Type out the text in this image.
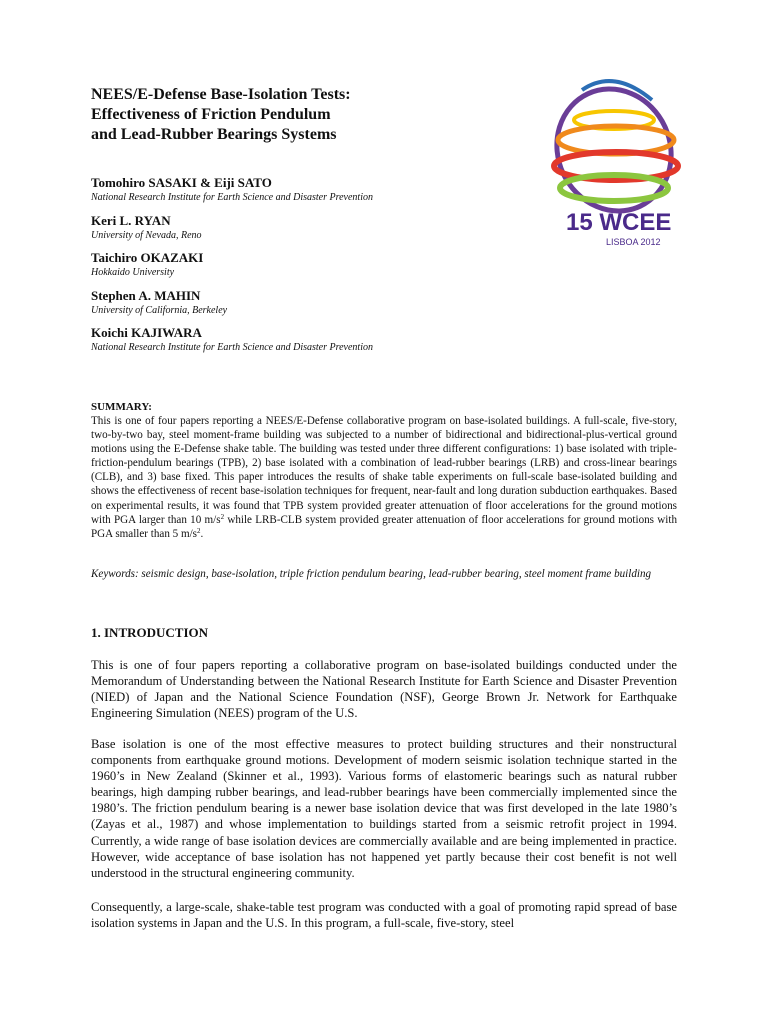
NEES/E-Defense Base-Isolation Tests:
Effectiveness of Friction Pendulum
and Lead-Rubber Bearings Systems
Tomohiro SASAKI & Eiji SATO
National Research Institute for Earth Science and Disaster Prevention
Keri L. RYAN
University of Nevada, Reno
Taichiro OKAZAKI
Hokkaido University
Stephen A. MAHIN
University of California, Berkeley
Koichi KAJIWARA
National Research Institute for Earth Science and Disaster Prevention
15 WCEE
LISBOA 2012
SUMMARY:

This is one of four papers reporting a NEES/E-Defense collaborative program on base-isolated buildings. A full-scale, five-story, two-by-two bay, steel moment-frame building was subjected to a number of bidirectional and bidirectional-plus-vertical ground motions using the E-Defense shake table. The building was tested under three different configurations: 1) base isolated with triple-friction-pendulum bearings (TPB), 2) base isolated with a combination of lead-rubber bearings (LRB) and cross-linear bearings (CLB), and 3) base fixed. This paper introduces the results of shake table experiments on full-scale base-isolated building and shows the effectiveness of recent base-isolation techniques for frequent, near-fault and long duration subduction earthquakes. Based on experimental results, it was found that TPB system provided greater attenuation of floor accelerations for the ground motions with PGA larger than 10 $m/s^2$ while LRB-CLB system provided greater attenuation of floor accelerations for ground motions with PGA smaller than 5 $m/s^2$.

Keywords: seismic design, base-isolation, triple friction pendulum bearing, lead-rubber bearing, steel moment frame building

1. INTRODUCTION

This is one of four papers reporting a collaborative program on base-isolated buildings conducted under the Memorandum of Understanding between the National Research Institute for Earth Science and Disaster Prevention (NIED) of Japan and the National Science Foundation (NSF), George Brown Jr. Network for Earthquake Engineering Simulation (NEES) program of the U.S.

Base isolation is one of the most effective measures to protect building structures and their nonstructural components from earthquake ground motions. Development of modern seismic isolation technique started in the 1960’s in New Zealand (Skinner et al., 1993). Various forms of elastomeric bearings such as natural rubber bearings, high damping rubber bearings, and lead-rubber bearings have been commercially implemented since the 1980’s. The friction pendulum bearing is a newer base isolation device that was first developed in the late 1980’s (Zayas et al., 1987) and whose implementation to buildings started from a seismic retrofit project in 1994. Currently, a wide range of base isolation devices are commercially available and are being implemented in practice. However, wide acceptance of base isolation has not happened yet partly because their cost benefit is not well understood in the structural engineering community.

Consequently, a large-scale, shake-table test program was conducted with a goal of promoting rapid spread of base isolation systems in Japan and the U.S. In this program, a full-scale, five-story, steel
